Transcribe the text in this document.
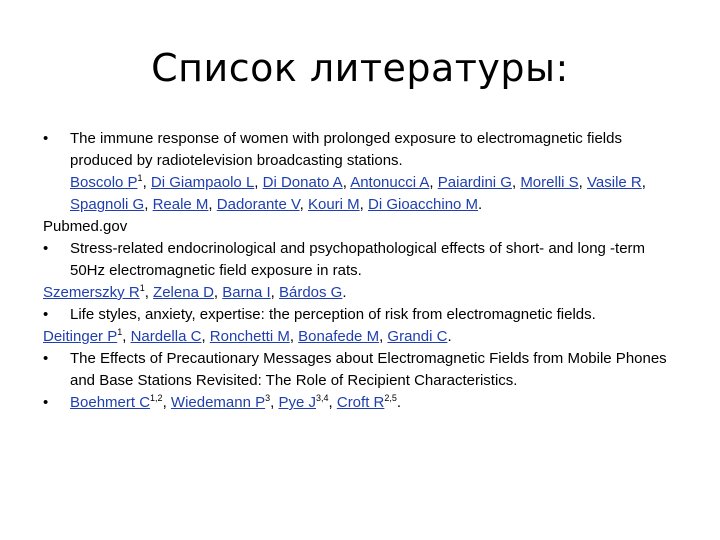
Список литературы:
•	The immune response of women with prolonged exposure to electromagnetic fields produced by radiotelevision broadcasting stations.
Boscolo $P^1$, Di Giampaolo L, Di Donato A, Antonucci A, Paiardini G, Morelli S, Vasile R, Spagnoli G, Reale M, Dadorante V, Kouri M, Di Gioacchino M.
Pubmed.gov
•	Stress-related endocrinological and psychopathological effects of short- and long -term 50Hz electromagnetic field exposure in rats.
Szemerszky $R^1$, Zelena D, Barna I, Bárdos G.
•	Life styles, anxiety, expertise: the perception of risk from electromagnetic fields.
Deitinger $P^1$, Nardella C, Ronchetti M, Bonafede M, Grandi C.
•	The Effects of Precautionary Messages about Electromagnetic Fields from Mobile Phones and Base Stations Revisited: The Role of Recipient Characteristics.
•	Boehmert C$^{1,2}$, Wiedemann $P^3$, Pye J$^{3,4}$, Croft R$^{2,5}$.
